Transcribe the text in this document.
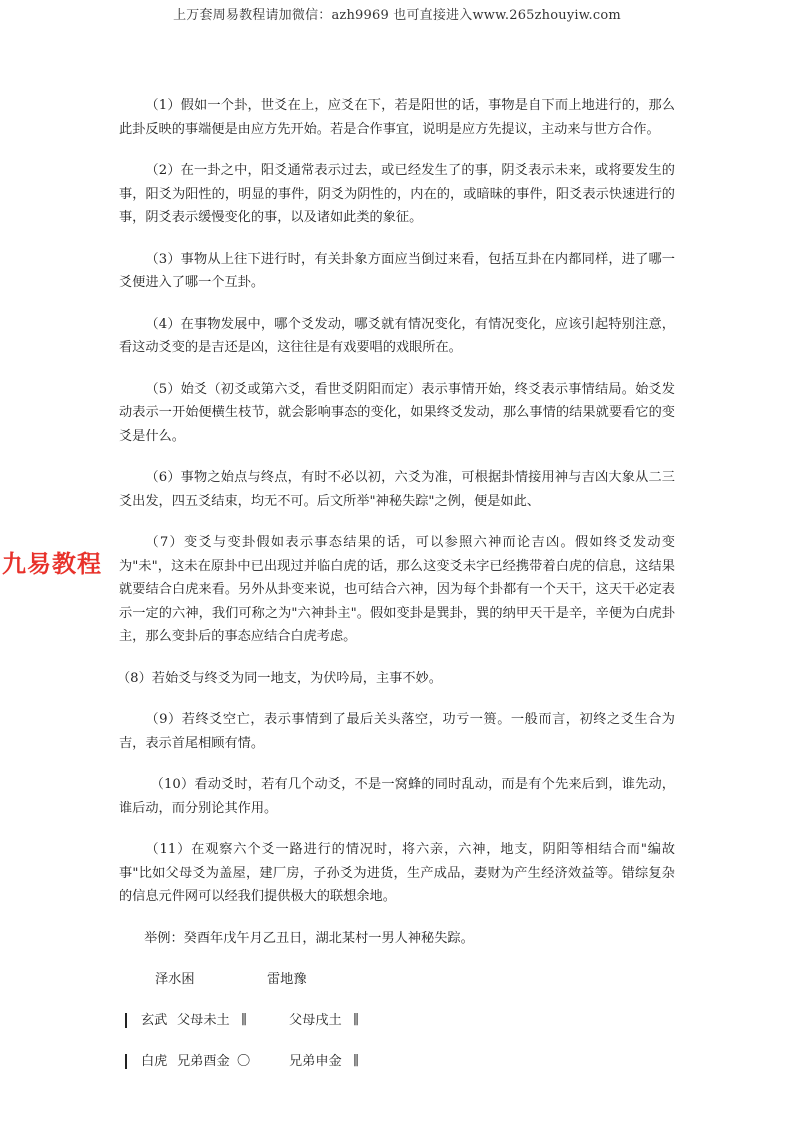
上万套周易教程请加微信：azh9969 也可直接进入www.265zhouyiw.com
九易教程

（1）假如一个卦，世爻在上，应爻在下，若是阳世的话，事物是自下而上地进行的，那么此卦反映的事端便是由应方先开始。若是合作事宜，说明是应方先提议，主动来与世方合作。

（2）在一卦之中，阳爻通常表示过去，或已经发生了的事，阴爻表示未来，或将要发生的事，阳爻为阳性的，明显的事件，阴爻为阴性的，内在的，或暗昧的事件，阳爻表示快速进行的事，阴爻表示缓慢变化的事，以及诸如此类的象征。

（3）事物从上往下进行时，有关卦象方面应当倒过来看，包括互卦在内都同样，进了哪一爻便进入了哪一个互卦。

（4）在事物发展中，哪个爻发动，哪爻就有情况变化，有情况变化，应该引起特别注意，看这动爻变的是吉还是凶，这往往是有戏要唱的戏眼所在。

（5）始爻（初爻或第六爻，看世爻阴阳而定）表示事情开始，终爻表示事情结局。始爻发动表示一开始便横生枝节，就会影响事态的变化，如果终爻发动，那么事情的结果就要看它的变爻是什么。

（6）事物之始点与终点，有时不必以初，六爻为准，可根据卦情接用神与吉凶大象从二三爻出发，四五爻结束，均无不可。后文所举"神秘失踪"之例，便是如此、

（7）变爻与变卦假如表示事态结果的话，可以参照六神而论吉凶。假如终爻发动变为"未"，这未在原卦中已出现过并临白虎的话，那么这变爻未字已经携带着白虎的信息，这结果就要结合白虎来看。另外从卦变来说，也可结合六神，因为每个卦都有一个天干，这天干必定表示一定的六神，我们可称之为"六神卦主"。假如变卦是巽卦，巽的纳甲天干是辛，辛便为白虎卦主，那么变卦后的事态应结合白虎考虑。

（8）若始爻与终爻为同一地支，为伏吟局，主事不妙。

（9）若终爻空亡，表示事情到了最后关头落空，功亏一篑。一般而言，初终之爻生合为吉，表示首尾相顾有情。

（10）看动爻时，若有几个动爻，不是一窝蜂的同时乱动，而是有个先来后到，谁先动，谁后动，而分别论其作用。

（11）在观察六个爻一路进行的情况时，将六亲，六神，地支，阴阳等相结合而"编故事"比如父母爻为盖屋，建厂房，子孙爻为进货，生产成品，妻财为产生经济效益等。错综复杂的信息元件网可以经我们提供极大的联想余地。

举例：癸酉年戊午月乙丑日，湖北某村一男人神秘失踪。

泽水困	雷地豫
玄武 父母未土 ∥	父母戌土 ∥
白虎 兄弟酉金 〇	兄弟申金 ∥
